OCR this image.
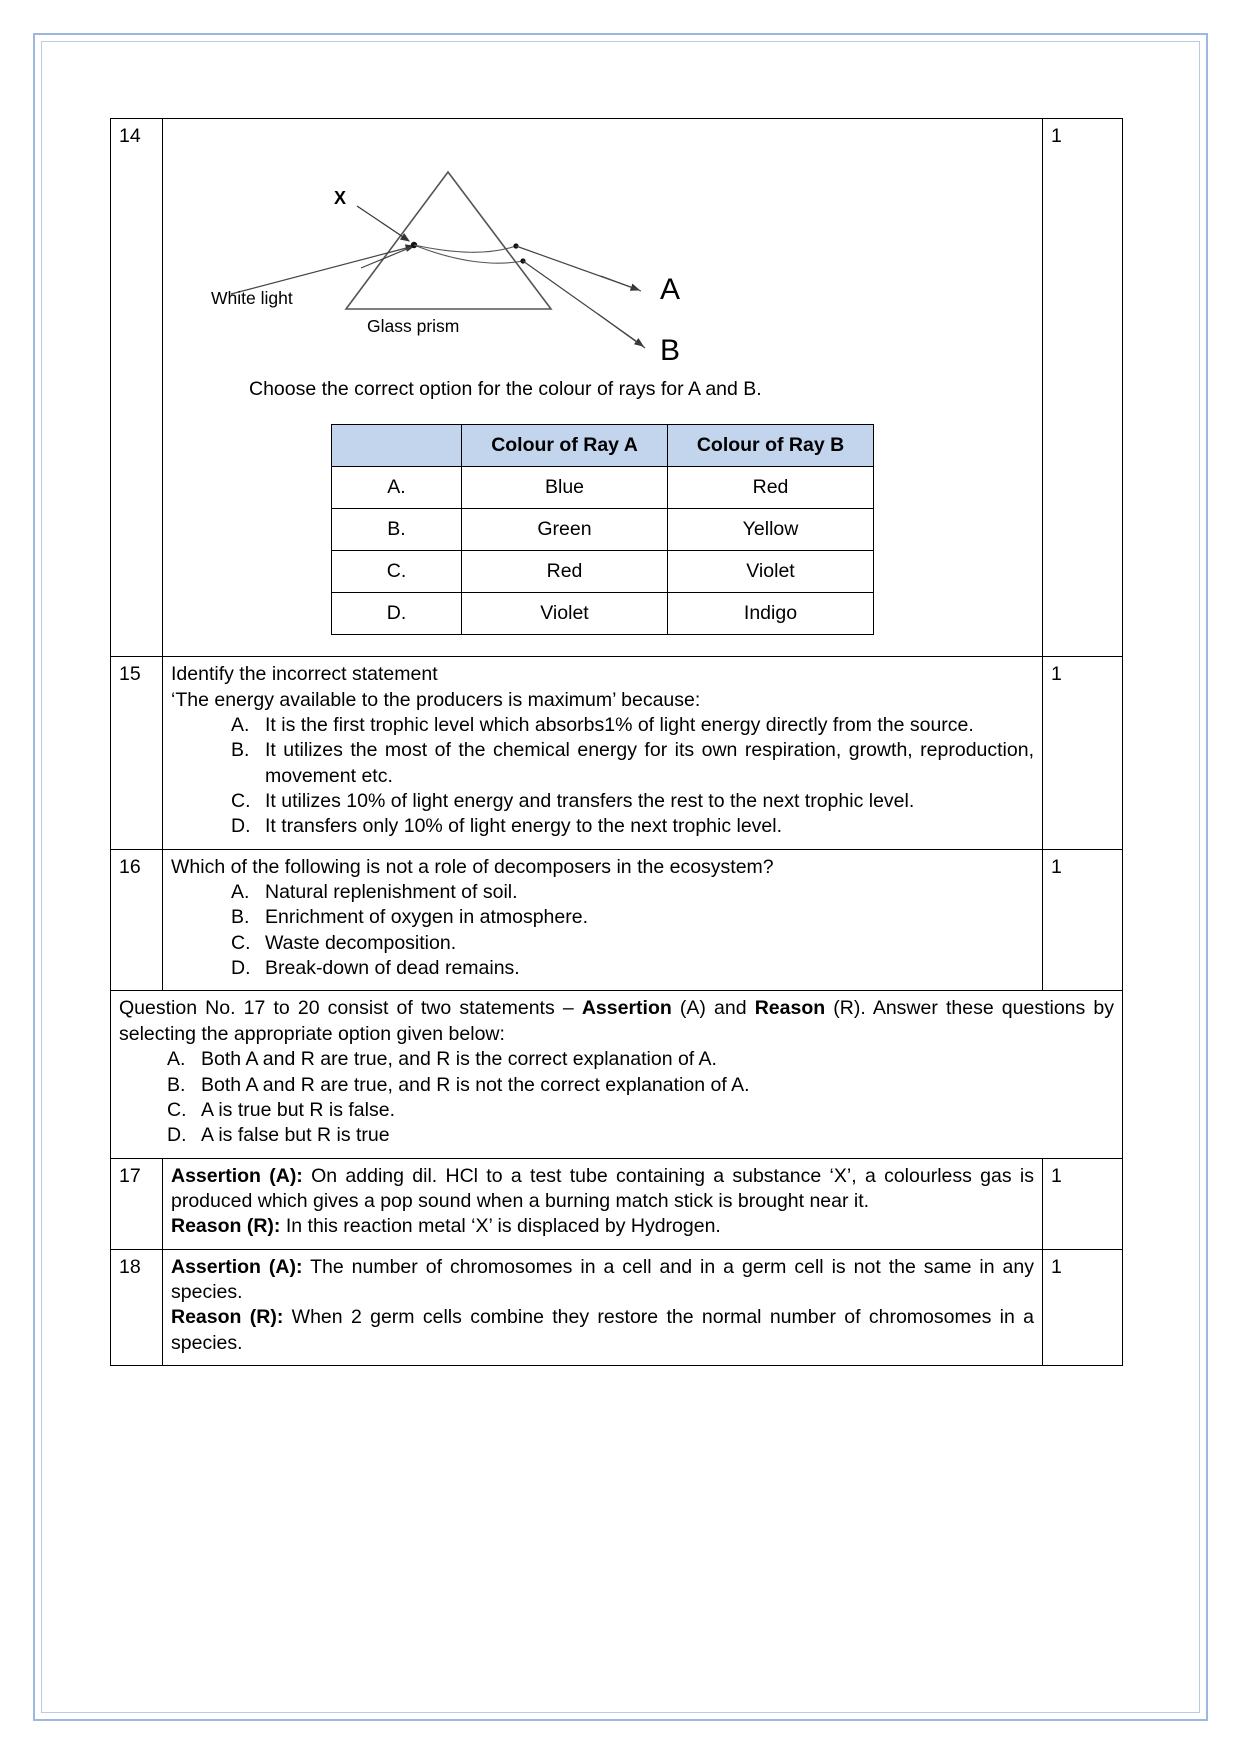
14	
X
White light
Glass prism
A
B

Choose the correct option for the colour of rays for A and B.

	Colour of Ray A	Colour of Ray B
A.	Blue	Red
B.	Green	Yellow
C.	Red	Violet
D.	Violet	Indigo
	1
15	Identify the incorrect statement

‘The energy available to the producers is maximum’ because:

A. It is the first trophic level which absorbs1% of light energy directly from the source.
B. It utilizes the most of the chemical energy for its own respiration, growth, reproduction, movement etc.
C. It utilizes 10% of light energy and transfers the rest to the next trophic level.
D. It transfers only 10% of light energy to the next trophic level.
	1
16	Which of the following is not a role of decomposers in the ecosystem?

A. Natural replenishment of soil.
B. Enrichment of oxygen in atmosphere.
C. Waste decomposition.
D. Break-down of dead remains.
	1

Question No. 17 to 20 consist of two statements – Assertion (A) and Reason (R). Answer these questions by selecting the appropriate option given below:

A. Both A and R are true, and R is the correct explanation of A.
B. Both A and R are true, and R is not the correct explanation of A.
C. A is true but R is false.
D. A is false but R is true

17	Assertion (A): On adding dil. HCl to a test tube containing a substance ‘X’, a colourless gas is produced which gives a pop sound when a burning match stick is brought near it.

Reason (R): In this reaction metal ‘X’ is displaced by Hydrogen.

	1
18	Assertion (A): The number of chromosomes in a cell and in a germ cell is not the same in any species.

Reason (R): When 2 germ cells combine they restore the normal number of chromosomes in a species.

	1
